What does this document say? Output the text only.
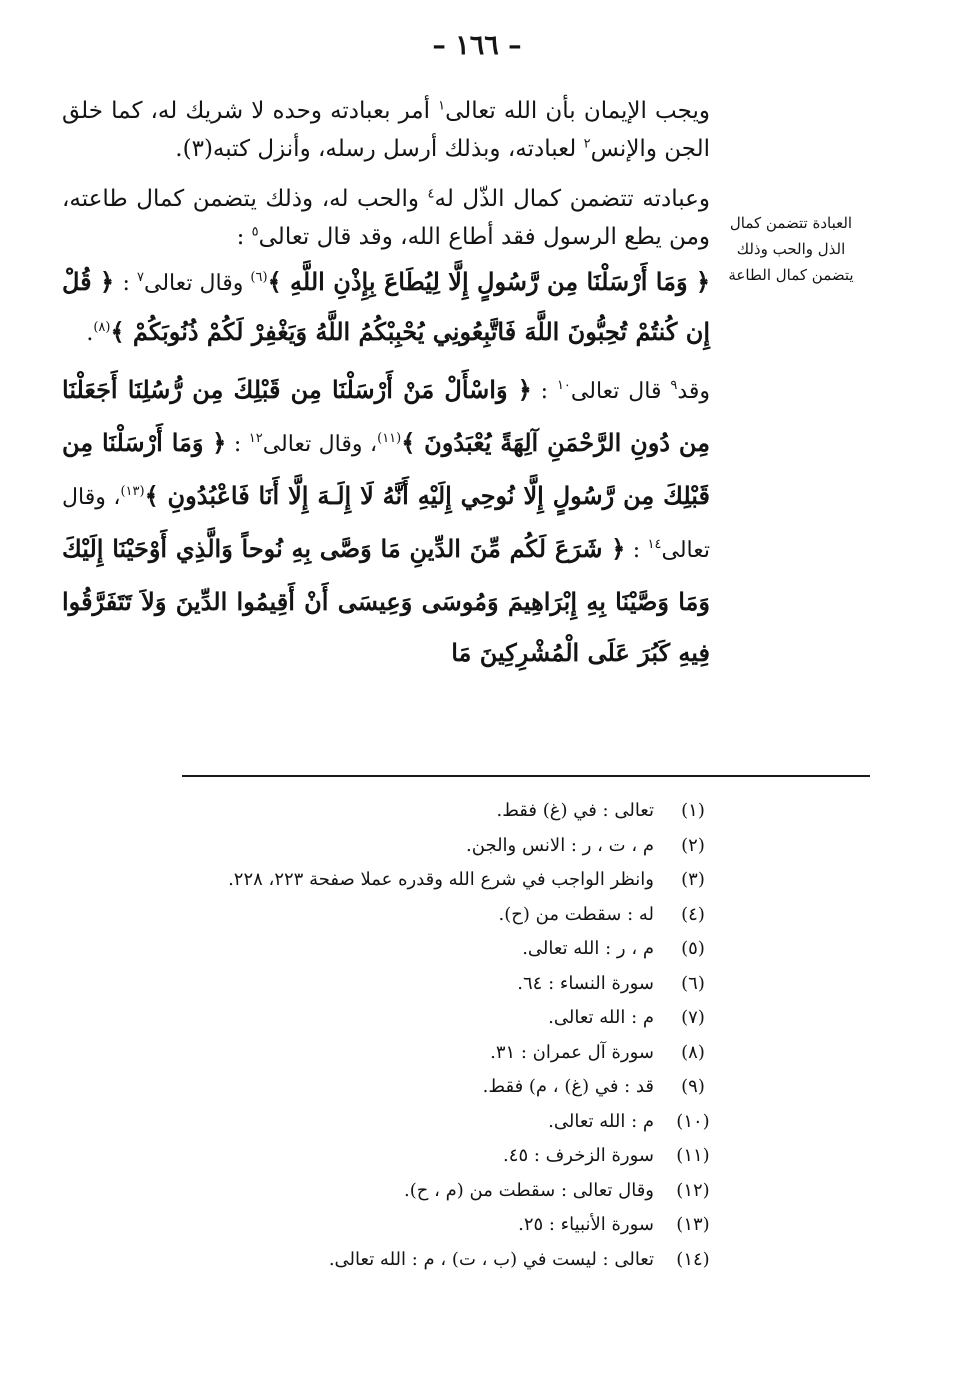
– ١٦٦ –

ويجب الإيمان بأن الله تعالى$^١$ أمر بعبادته وحده لا شريك له، كما خلق الجن والإنس$^٢$ لعبادته، وبذلك أرسل رسله، وأنزل كتبه(٣).

وعبادته تتضمن كمال الذّل له$^٤$ والحب له، وذلك يتضمن كمال طاعته، ومن يطع الرسول فقد أطاع الله، وقد قال تعالى$^٥$ :

﴿ وَمَا أَرْسَلْنَا مِن رَّسُولٍ إِلَّا لِيُطَاعَ بِإِذْنِ اللَّهِ ﴾$^{(٦)}$ وقال تعالى$^٧$ : ﴿ قُلْ إِن كُنتُمْ تُحِبُّونَ اللَّهَ فَاتَّبِعُونِي يُحْبِبْكُمُ اللَّهُ وَيَغْفِرْ لَكُمْ ذُنُوبَكُمْ ﴾$^{(٨)}$.

وقد$^٩$ قال تعالى$^{١٠}$ : ﴿ وَاسْأَلْ مَنْ أَرْسَلْنَا مِن قَبْلِكَ مِن رُّسُلِنَا أَجَعَلْنَا مِن دُونِ الرَّحْمَنِ آلِهَةً يُعْبَدُونَ ﴾$^{(١١)}$، وقال تعالى$^{١٢}$ : ﴿ وَمَا أَرْسَلْنَا مِن قَبْلِكَ مِن رَّسُولٍ إِلَّا نُوحِي إِلَيْهِ أَنَّهُ لَا إِلَـهَ إِلَّا أَنَا فَاعْبُدُونِ ﴾$^{(١٣)}$، وقال تعالى$^{١٤}$ : ﴿ شَرَعَ لَكُم مِّنَ الدِّينِ مَا وَصَّى بِهِ نُوحاً وَالَّذِي أَوْحَيْنَا إِلَيْكَ وَمَا وَصَّيْنَا بِهِ إِبْرَاهِيمَ وَمُوسَى وَعِيسَى أَنْ أَقِيمُوا الدِّينَ وَلاَ تَتَفَرَّقُوا فِيهِ كَبُرَ عَلَى الْمُشْرِكِينَ مَا

العبادة تتضمن كمال
الذل والحب وذلك
يتضمن كمال الطاعة
(١)
تعالى : في (غ) فقط.
(٢)
م ، ت ، ر : الانس والجن.
(٣)
وانظر الواجب في شرع الله وقدره عملا صفحة ٢٢٣، ٢٢٨.
(٤)
له : سقطت من (ح).
(٥)
م ، ر : الله تعالى.
(٦)
سورة النساء : ٦٤.
(٧)
م : الله تعالى.
(٨)
سورة آل عمران : ٣١.
(٩)
قد : في (غ) ، م) فقط.
(١٠)
م : الله تعالى.
(١١)
سورة الزخرف : ٤٥.
(١٢)
وقال تعالى : سقطت من (م ، ح).
(١٣)
سورة الأنبياء : ٢٥.
(١٤)
تعالى : ليست في (ب ، ت) ، م : الله تعالى.
